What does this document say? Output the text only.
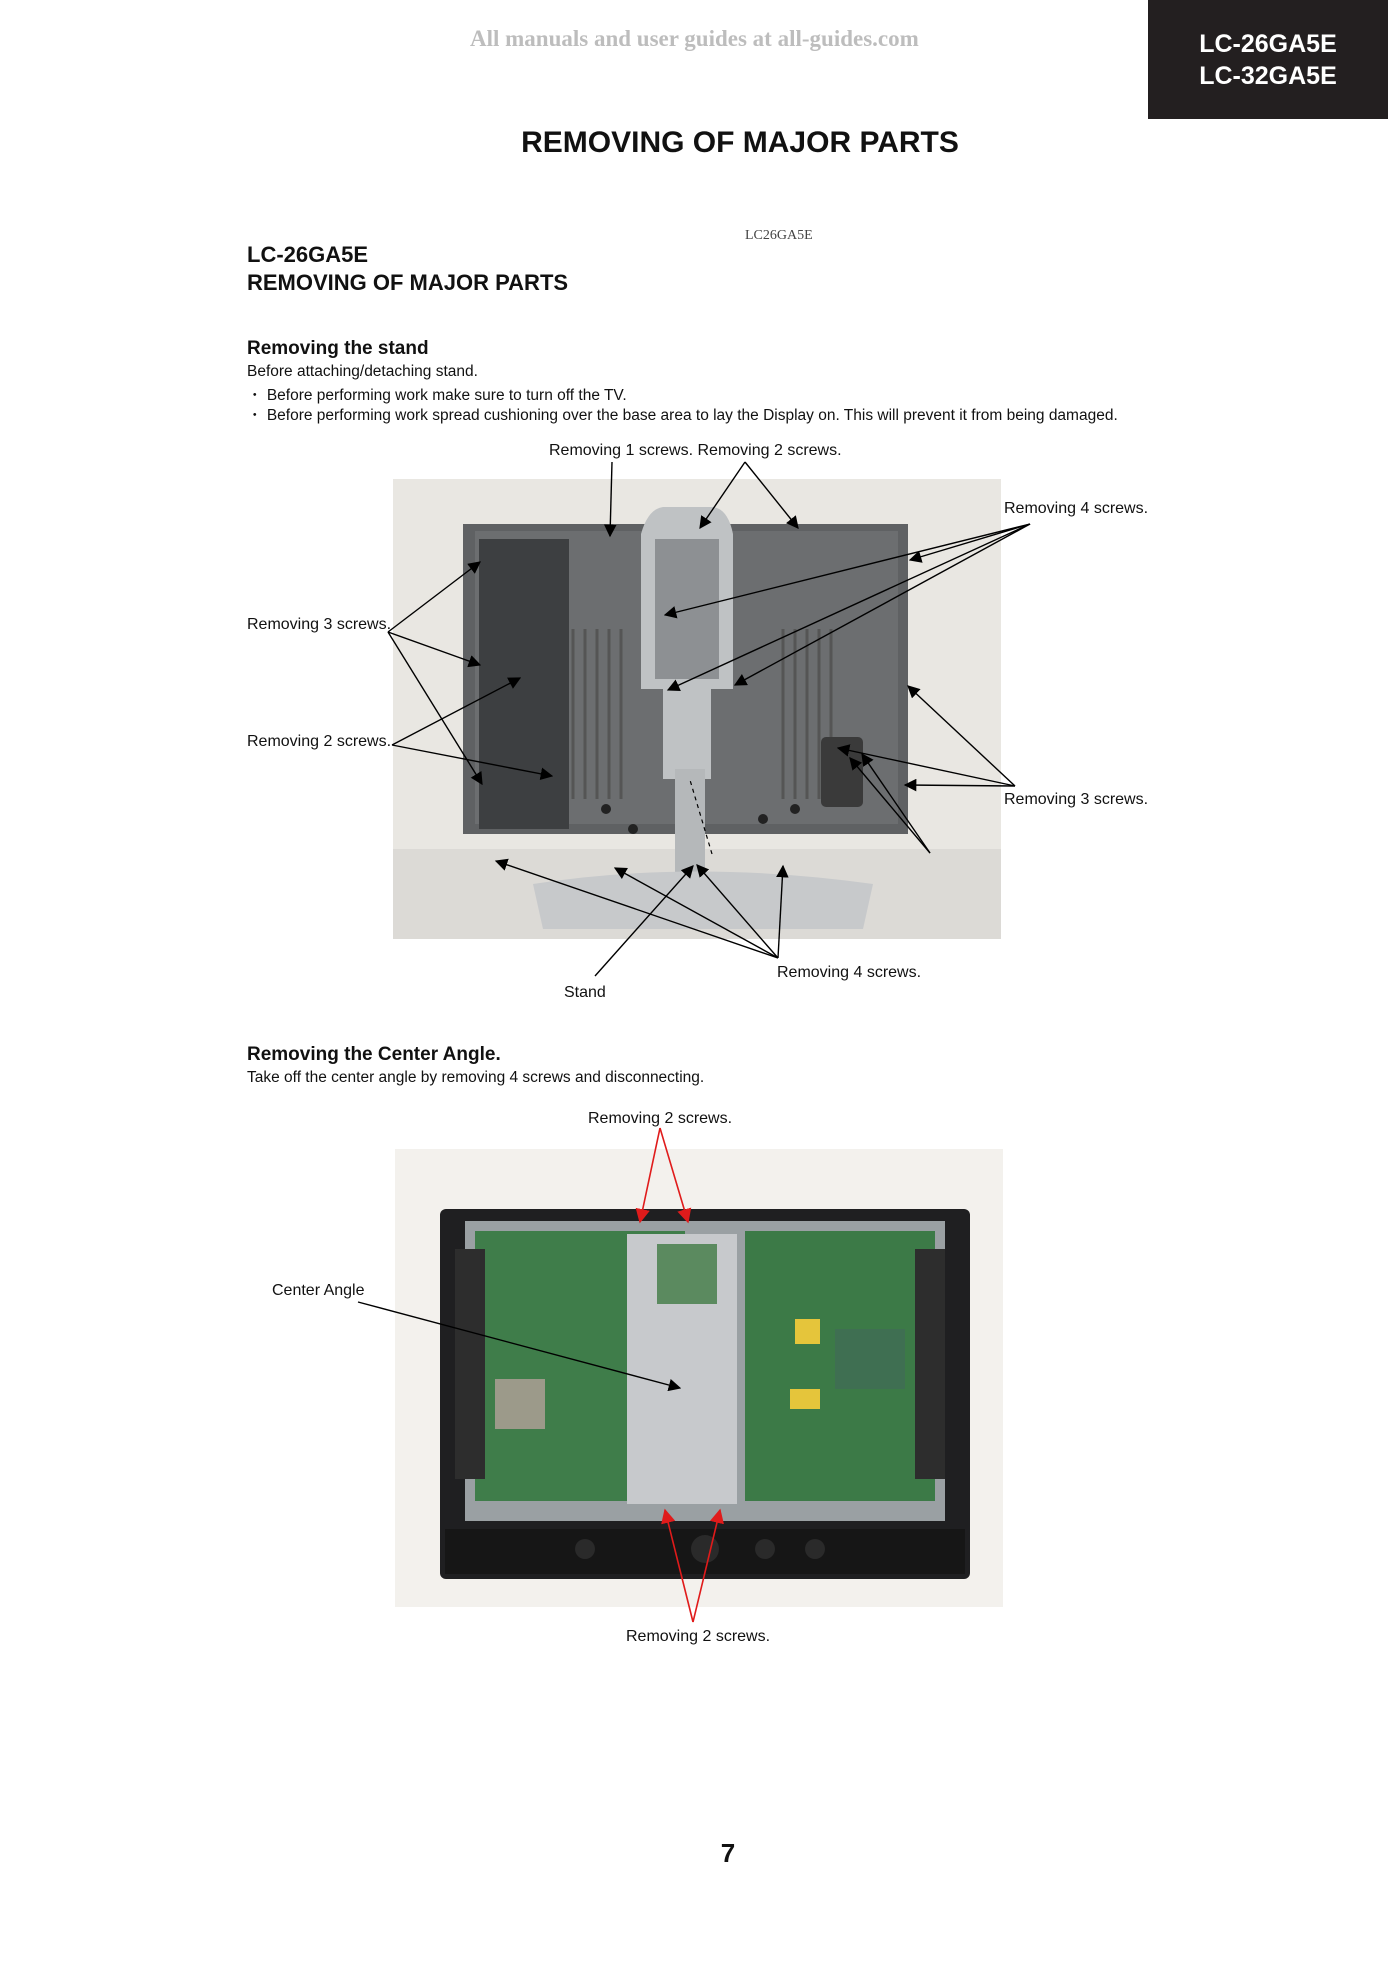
All manuals and user guides at all-guides.com	LC-26GA5E
LC-32GA5E
REMOVING OF MAJOR PARTS
LC26GA5E
LC-26GA5E
REMOVING OF MAJOR PARTS
Removing the stand
Before attaching/detaching stand.
・ Before performing work make sure to turn off the TV.
・ Before performing work spread cushioning over the base area to lay the Display on. This will prevent it from being damaged.
Removing 1 screws. Removing 2 screws.
Removing 4 screws.
Removing 3 screws.
Removing 2 screws.
Removing 3 screws.
Removing 4 screws.
Stand
Removing the Center Angle.
Take off the center angle by removing 4 screws and disconnecting.
Removing 2 screws.
Center Angle
Removing 2 screws.
7
